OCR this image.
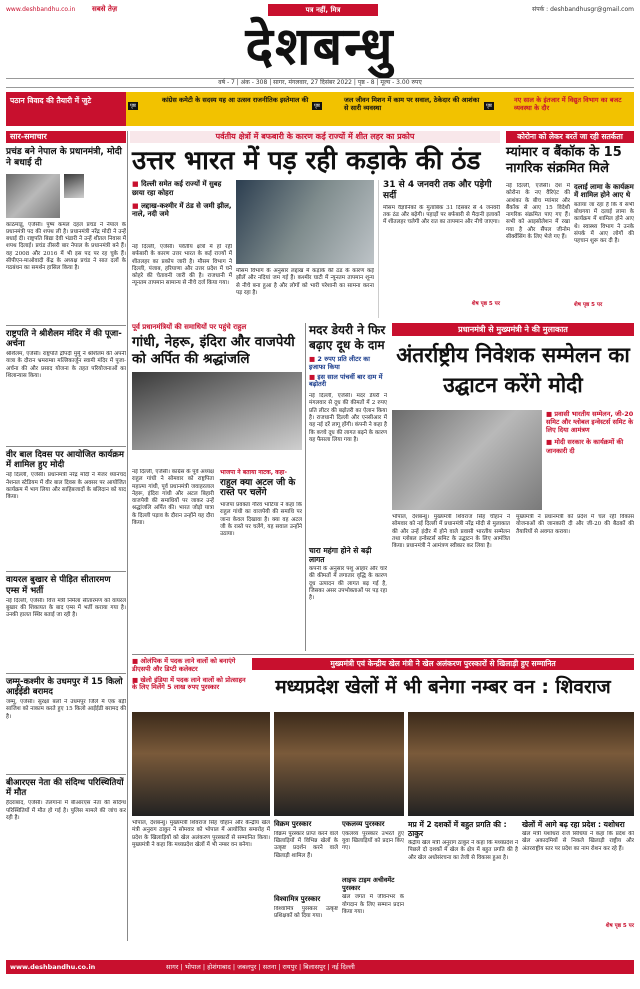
www.deshbandhu.co.in सबसे तेज़	पत्र नहीं, मित्र	संपर्क : deshbandhusgr@gmail.com
देशबन्धु
वर्ष - 7 | अंक - 308 | सागर, मंगलवार, 27 दिसंबर 2022 | पृष्ठ - 8 | मूल्य - 3.00 रुपए
पठान विवाद की तैयारी में जुटे
पृष्ठ
कांग्रेस कमेटी के सदस्य यह आ उत्सव राजनीतिक इस्तेमाल की
पृष्ठ
जल जीवन मिशन में काम पर सवाल, ठेकेदार की आशंका से सारी व्यवस्था	पृष्ठ
नए साल के इंतजार में विद्युत विभाग का बजट व्यवस्था के दौर
पर्वतीय क्षेत्रों में बफबारी के कारण कई राज्यों में शीत लहर का प्रकोप	कोरोना को लेकर बरतें जा रही सतर्कता
सार-समाचार
प्रचंड बने नेपाल के प्रधानमंत्री, मोदी ने बधाई दी
काठमांडू, एजेंसी। पुष्प कमल दहल प्रचंड ने नेपाल के प्रधानमंत्री पद की शपथ ली है। प्रधानमंत्री नरेंद्र मोदी ने उन्हें बधाई दी। राष्ट्रपति बिद्या देवी भंडारी ने उन्हें शीतल निवास में शपथ दिलाई। प्रचंड तीसरी बार नेपाल के प्रधानमंत्री बने हैं। वह 2008 और 2016 में भी इस पद पर रह चुके हैं। सीपीएन-माओवादी केंद्र के अध्यक्ष प्रचंड ने सात दलों के गठबंधन का समर्थन हासिल किया है।
राष्ट्रपति ने श्रीशैलम मंदिर में की पूजा-अर्चना
श्रीशैलम, एजेंसी। राष्ट्रपति द्रौपदी मुर्मू ने श्रीशैलम की अपनी यात्रा के दौरान भ्रमराम्बा मल्लिकार्जुन स्वामी मंदिर में पूजा-अर्चना की और प्रसाद योजना के तहत परियोजनाओं का शिलान्यास किया।
वीर बाल दिवस पर आयोजित कार्यक्रम में शामिल हुए मोदी
नई दिल्ली, एजेंसी। प्रधानमंत्री नरेंद्र मोदी ने मेजर ध्यानचंद नेशनल स्टेडियम में वीर बाल दिवस के अवसर पर आयोजित कार्यक्रम में भाग लिया और साहिबजादों के बलिदान को याद किया।
वायरल बुखार से पीड़ित सीतारमण एम्स में भर्ती
नई दिल्ली, एजेंसी। वित्त मंत्री निर्मला सीतारमण को वायरल बुखार की शिकायत के बाद एम्स में भर्ती कराया गया है। उनकी हालत स्थिर बताई जा रही है।
जम्मू-कश्मीर के उधमपुर में 15 किलो आईईडी बरामद
जम्मू, एजेंसी। सुरक्षा बलों ने उधमपुर जिले में एक बड़ी साजिश को नाकाम करते हुए 15 किलो आईईडी बरामद की है।
बीआरएस नेता की संदिग्ध परिस्थितियों में मौत
हैदराबाद, एजेंसी। तेलंगाना में बीआरएस नेता की संदिग्ध परिस्थितियों में मौत हो गई है। पुलिस मामले की जांच कर रही है।
उत्तर भारत में पड़ रही कड़ाके की ठंड
■ दिल्ली समेत कई राज्यों में सुबह छाया रहा कोहरा
■ लद्दाख-कश्मीर में ठंड से जमी झील, नाले, नदी जमे
नई दिल्ली, एजेंसी। पर्वतीय क्षेत्रों में हो रही बर्फबारी के कारण उत्तर भारत के कई राज्यों में शीतलहर का प्रकोप जारी है। मौसम विभाग ने दिल्ली, पंजाब, हरियाणा और उत्तर प्रदेश में घने कोहरे की चेतावनी जारी की है। राजधानी में न्यूनतम तापमान सामान्य से नीचे दर्ज किया गया।
मौसम विभाग के अनुसार लद्दाख में कड़ाके की ठंड के कारण कई झीलें और नदियां जम गई हैं। कश्मीर घाटी में न्यूनतम तापमान शून्य से नीचे बना हुआ है और लोगों को भारी परेशानी का सामना करना पड़ रहा है।
31 से 4 जनवरी तक और पड़ेगी सर्दी
मौसम वैज्ञानिकों के मुताबिक 31 दिसंबर से 4 जनवरी तक ठंड और बढ़ेगी। पहाड़ों पर बर्फबारी से मैदानी इलाकों में शीतलहर चलेगी और रात का तापमान और नीचे जाएगा।
शेष पृष्ठ 5 पर
म्यांमार व बैंकॉक के 15 नागरिक संक्रमित मिले
नई दिल्ली, एजेंसी। देश में कोरोना के नए वैरिएंट की आशंका के बीच म्यांमार और बैंकॉक से आए 15 विदेशी नागरिक संक्रमित पाए गए हैं। सभी को आइसोलेशन में रखा गया है और सैंपल जीनोम सीक्वेंसिंग के लिए भेजे गए हैं।
दलाई लामा के कार्यक्रम में शामिल होने आए थे
बताया जा रहा है कि ये सभी बोधगया में दलाई लामा के कार्यक्रम में शामिल होने आए थे। स्वास्थ्य विभाग ने उनके संपर्क में आए लोगों की पहचान शुरू कर दी है।
शेष पृष्ठ 5 पर
पूर्व प्रधानमंत्रियों की समाधियों पर पहुंचे राहुल
गांधी, नेहरू, इंदिरा और वाजपेयी को अर्पित की श्रद्धांजलि
नई दिल्ली, एजेंसी। कांग्रेस के पूर्व अध्यक्ष राहुल गांधी ने सोमवार को राष्ट्रपिता महात्मा गांधी, पूर्व प्रधानमंत्री जवाहरलाल नेहरू, इंदिरा गांधी और अटल बिहारी वाजपेयी की समाधियों पर जाकर उन्हें श्रद्धांजलि अर्पित की। भारत जोड़ो यात्रा के दिल्ली पड़ाव के दौरान उन्होंने यह दौरा किया।
भाजपा ने बताया नाटक, कहा-
राहुल क्या अटल जी के रास्ते पर चलेंगे
भाजपा प्रवक्ता गौरव भाटिया ने कहा कि राहुल गांधी का वाजपेयी की समाधि पर जाना केवल दिखावा है। क्या वह अटल जी के रास्ते पर चलेंगे, यह सवाल उन्होंने उठाया।
मदर डेयरी ने फिर बढ़ाए दूध के दाम
■ 2 रुपए प्रति लीटर का इजाफा किया
■ इस साल पांचवीं बार दाम में बढ़ोतरी
नई दिल्ली, एजेंसी। मदर डेयरी ने मंगलवार से दूध की कीमतों में 2 रुपए प्रति लीटर की बढ़ोतरी का ऐलान किया है। राजधानी दिल्ली और एनसीआर में यह नई दरें लागू होंगी। कंपनी ने कहा है कि कच्चे दूध की लागत बढ़ने के कारण यह फैसला लिया गया है।
चारा महंगा होने से बढ़ी लागत
कंपनी के अनुसार पशु आहार और चारे की कीमतों में लगातार वृद्धि के कारण दूध उत्पादन की लागत बढ़ गई है, जिसका असर उपभोक्ताओं पर पड़ रहा है।
प्रधानमंत्री से मुख्यमंत्री ने की मुलाकात
अंतर्राष्ट्रीय निवेशक सम्मेलन का उद्घाटन करेंगे मोदी
■ प्रवासी भारतीय सम्मेलन, जी-20 समिट और ग्लोबल इन्वेस्टर्स समिट के लिए दिया आमंत्रण
■ मोदी सरकार के कार्यक्रमों की जानकारी दी
भोपाल, देशबन्धु। मुख्यमंत्री शिवराज सिंह चौहान ने सोमवार को नई दिल्ली में प्रधानमंत्री नरेंद्र मोदी से मुलाकात की और उन्हें इंदौर में होने वाले प्रवासी भारतीय सम्मेलन तथा ग्लोबल इन्वेस्टर्स समिट के उद्घाटन के लिए आमंत्रित किया। प्रधानमंत्री ने आमंत्रण स्वीकार कर लिया है।
मुख्यमंत्री ने प्रधानमंत्री को प्रदेश में चल रही विकास योजनाओं की जानकारी दी और जी-20 की बैठकों की तैयारियों से अवगत कराया।
■ ओलंपिक में पदक लाने वालों को बनाएंगे डीएसपी और डिप्टी कलेक्टर
■ खेलो इंडिया में पदक लाने वालों को प्रोत्साहन के लिए मिलेंगे 5 लाख रुपए पुरस्कार
मुख्यमंत्री एवं केन्द्रीय खेल मंत्री ने खेल अलंकरण पुरस्कारों से खिलाड़ी हुए सम्मानित
मध्यप्रदेश खेलों में भी बनेगा नम्बर वन : शिवराज
भोपाल, देशबन्धु। मुख्यमंत्री शिवराज सिंह चौहान और केन्द्रीय खेल मंत्री अनुराग ठाकुर ने सोमवार को भोपाल में आयोजित समारोह में प्रदेश के खिलाड़ियों को खेल अलंकरण पुरस्कारों से सम्मानित किया। मुख्यमंत्री ने कहा कि मध्यप्रदेश खेलों में भी नम्बर वन बनेगा।
विक्रम पुरस्कार
विक्रम पुरस्कार प्राप्त करने वाले खिलाड़ियों में विभिन्न खेलों के उत्कृष्ट प्रदर्शन करने वाले खिलाड़ी शामिल हैं।
विश्वामित्र पुरस्कार
विश्वामित्र पुरस्कार उत्कृष्ट प्रशिक्षकों को दिया गया।
एकलव्य पुरस्कार
एकलव्य पुरस्कार उभरते हुए युवा खिलाड़ियों को प्रदान किए गए।
लाइफ टाइम अचीवमेंट पुरस्कार
खेल जगत में जीवनभर के योगदान के लिए सम्मान प्रदान किया गया।
मप्र में 2 दशकों में बहुत प्रगति की : ठाकुर
केंद्रीय खेल मंत्री अनुराग ठाकुर ने कहा कि मध्यप्रदेश ने पिछले दो दशकों में खेल के क्षेत्र में बहुत प्रगति की है और खेल अधोसंरचना का तेजी से विकास हुआ है।
खेलों में आगे बढ़ रहा प्रदेश : यशोधरा
खेल मंत्री यशोधरा राजे सिंधिया ने कहा कि प्रदेश की खेल अकादमियों से निकले खिलाड़ी राष्ट्रीय और अंतरराष्ट्रीय स्तर पर प्रदेश का नाम रोशन कर रहे हैं।
शेष पृष्ठ 5 पर
www.deshbandhu.co.in	सागर | भोपाल | होशंगाबाद | जबलपुर | सतना | रायपुर | बिलासपुर | नई दिल्ली
